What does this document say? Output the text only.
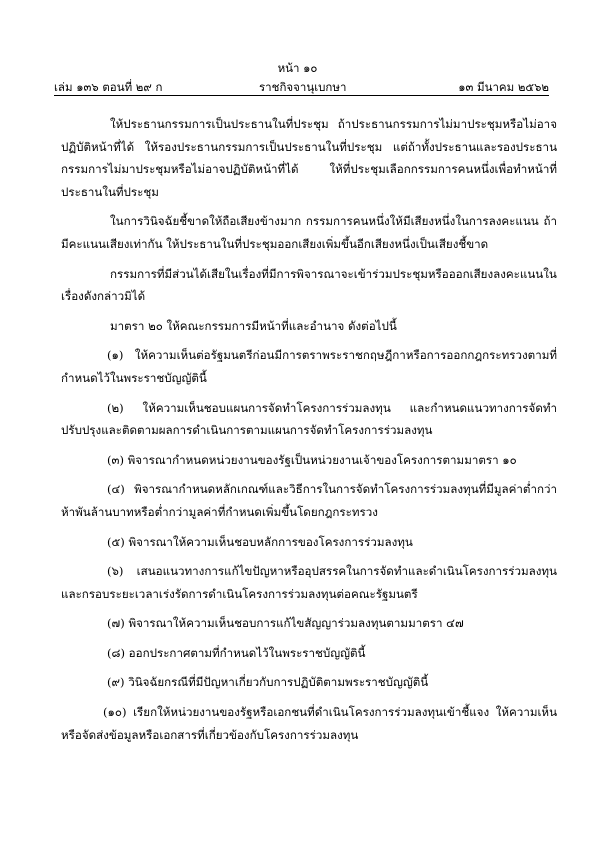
หน้า ๑๐
เล่ม ๑๓๖ ตอนที่ ๒๙ ก	ราชกิจจานุเบกษา	๑๓ มีนาคม ๒๕๖๒

ให้ประธานกรรมการเป็นประธานในที่ประชุม ถ้าประธานกรรมการไม่มาประชุมหรือไม่อาจปฏิบัติหน้าที่ได้ ให้รองประธานกรรมการเป็นประธานในที่ประชุม แต่ถ้าทั้งประธานและรองประธานกรรมการไม่มาประชุมหรือไม่อาจปฏิบัติหน้าที่ได้ ให้ที่ประชุมเลือกกรรมการคนหนึ่งเพื่อทำหน้าที่ประธานในที่ประชุม

ในการวินิจฉัยชี้ขาดให้ถือเสียงข้างมาก กรรมการคนหนึ่งให้มีเสียงหนึ่งในการลงคะแนน ถ้ามีคะแนนเสียงเท่ากัน ให้ประธานในที่ประชุมออกเสียงเพิ่มขึ้นอีกเสียงหนึ่งเป็นเสียงชี้ขาด

กรรมการที่มีส่วนได้เสียในเรื่องที่มีการพิจารณาจะเข้าร่วมประชุมหรือออกเสียงลงคะแนนในเรื่องดังกล่าวมิได้

มาตรา ๒๐ ให้คณะกรรมการมีหน้าที่และอำนาจ ดังต่อไปนี้

(๑) ให้ความเห็นต่อรัฐมนตรีก่อนมีการตราพระราชกฤษฎีกาหรือการออกกฎกระทรวงตามที่กำหนดไว้ในพระราชบัญญัตินี้

(๒) ให้ความเห็นชอบแผนการจัดทำโครงการร่วมลงทุน และกำหนดแนวทางการจัดทำ ปรับปรุงและติดตามผลการดำเนินการตามแผนการจัดทำโครงการร่วมลงทุน

(๓) พิจารณากำหนดหน่วยงานของรัฐเป็นหน่วยงานเจ้าของโครงการตามมาตรา ๑๐

(๔) พิจารณากำหนดหลักเกณฑ์และวิธีการในการจัดทำโครงการร่วมลงทุนที่มีมูลค่าต่ำกว่าห้าพันล้านบาทหรือต่ำกว่ามูลค่าที่กำหนดเพิ่มขึ้นโดยกฎกระทรวง

(๕) พิจารณาให้ความเห็นชอบหลักการของโครงการร่วมลงทุน

(๖) เสนอแนวทางการแก้ไขปัญหาหรืออุปสรรคในการจัดทำและดำเนินโครงการร่วมลงทุนและกรอบระยะเวลาเร่งรัดการดำเนินโครงการร่วมลงทุนต่อคณะรัฐมนตรี

(๗) พิจารณาให้ความเห็นชอบการแก้ไขสัญญาร่วมลงทุนตามมาตรา ๔๗

(๘) ออกประกาศตามที่กำหนดไว้ในพระราชบัญญัตินี้

(๙) วินิจฉัยกรณีที่มีปัญหาเกี่ยวกับการปฏิบัติตามพระราชบัญญัตินี้

(๑๐) เรียกให้หน่วยงานของรัฐหรือเอกชนที่ดำเนินโครงการร่วมลงทุนเข้าชี้แจง ให้ความเห็นหรือจัดส่งข้อมูลหรือเอกสารที่เกี่ยวข้องกับโครงการร่วมลงทุน
